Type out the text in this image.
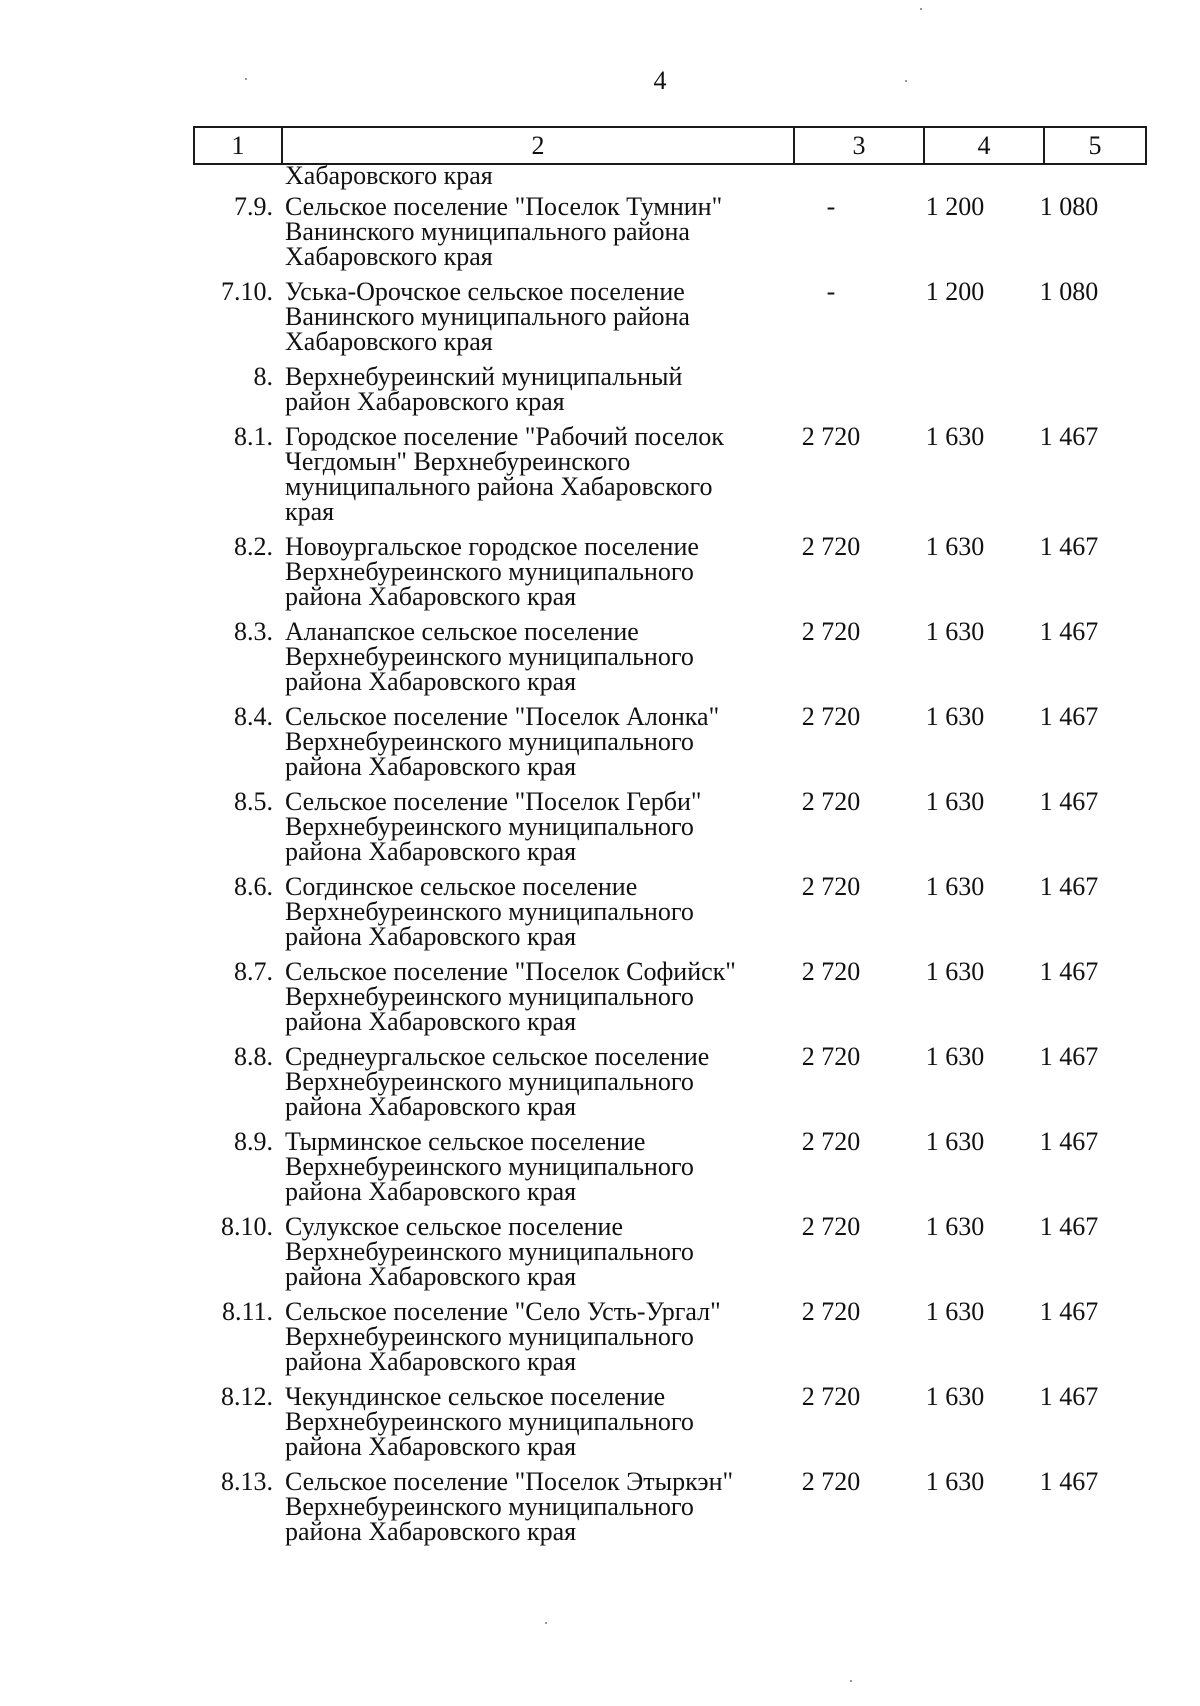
4
1	2	3	4	5
	Хабаровского края			
7.9.	Сельское поселение "Поселок Тумнин"
Ванинского муниципального района
Хабаровского края	-	1 200	1 080
7.10.	Уська-Орочское сельское поселение
Ванинского муниципального района
Хабаровского края	-	1 200	1 080
8.	Верхнебуреинский муниципальный
район Хабаровского края			
8.1.	Городское поселение "Рабочий поселок
Чегдомын" Верхнебуреинского
муниципального района Хабаровского
края	2 720	1 630	1 467
8.2.	Новоургальское городское поселение
Верхнебуреинского муниципального
района Хабаровского края	2 720	1 630	1 467
8.3.	Аланапское сельское поселение
Верхнебуреинского муниципального
района Хабаровского края	2 720	1 630	1 467
8.4.	Сельское поселение "Поселок Алонка"
Верхнебуреинского муниципального
района Хабаровского края	2 720	1 630	1 467
8.5.	Сельское поселение "Поселок Герби"
Верхнебуреинского муниципального
района Хабаровского края	2 720	1 630	1 467
8.6.	Согдинское сельское поселение
Верхнебуреинского муниципального
района Хабаровского края	2 720	1 630	1 467
8.7.	Сельское поселение "Поселок Софийск"
Верхнебуреинского муниципального
района Хабаровского края	2 720	1 630	1 467
8.8.	Среднеургальское сельское поселение
Верхнебуреинского муниципального
района Хабаровского края	2 720	1 630	1 467
8.9.	Тырминское сельское поселение
Верхнебуреинского муниципального
района Хабаровского края	2 720	1 630	1 467
8.10.	Сулукское сельское поселение
Верхнебуреинского муниципального
района Хабаровского края	2 720	1 630	1 467
8.11.	Сельское поселение "Село Усть-Ургал"
Верхнебуреинского муниципального
района Хабаровского края	2 720	1 630	1 467
8.12.	Чекундинское сельское поселение
Верхнебуреинского муниципального
района Хабаровского края	2 720	1 630	1 467
8.13.	Сельское поселение "Поселок Этыркэн"
Верхнебуреинского муниципального
района Хабаровского края	2 720	1 630	1 467
